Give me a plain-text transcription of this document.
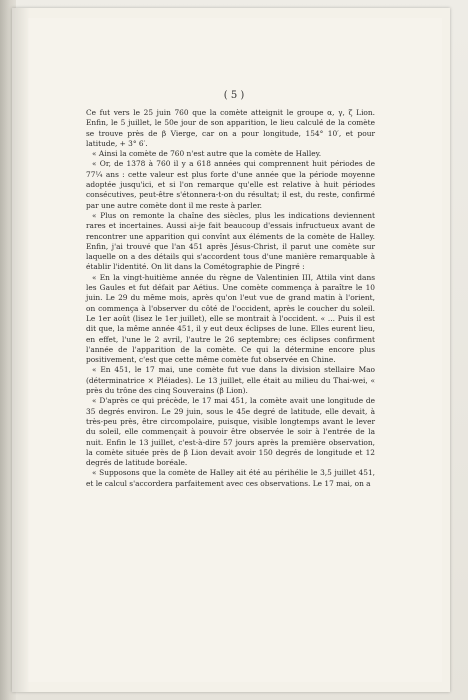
( 5 )

Ce fut vers le 25 juin 760 que la comète atteignit le groupe α, γ, ζ Lion. Enfin, le 5 juillet, le 50e jour de son apparition, le lieu calculé de la comète se trouve près de β Vierge, car on a pour longitude, 154° 10′, et pour latitude, + 3° 6′.

« Ainsi la comète de 760 n'est autre que la comète de Halley.

« Or, de 1378 à 760 il y a 618 années qui comprennent huit périodes de 77¼ ans : cette valeur est plus forte d'une année que la période moyenne adoptée jusqu'ici, et si l'on remarque qu'elle est relative à huit périodes consécutives, peut-être s'étonnera-t-on du résultat; il est, du reste, confirmé par une autre comète dont il me reste à parler.

« Plus on remonte la chaîne des siècles, plus les indications deviennent rares et incertaines. Aussi ai-je fait beaucoup d'essais infructueux avant de rencontrer une apparition qui convînt aux éléments de la comète de Halley. Enfin, j'ai trouvé que l'an 451 après Jésus-Christ, il parut une comète sur laquelle on a des détails qui s'accordent tous d'une manière remarquable à établir l'identité. On lit dans la Cométographie de Pingré :

« En la vingt-huitième année du règne de Valentinien III, Attila vint dans les Gaules et fut défait par Aétius. Une comète commença à paraître le 10 juin. Le 29 du même mois, après qu'on l'eut vue de grand matin à l'orient, on commença à l'observer du côté de l'occident, après le coucher du soleil. Le 1er août (lisez le 1er juillet), elle se montrait à l'occident. « ... Puis il est dit que, la même année 451, il y eut deux éclipses de lune. Elles eurent lieu, en effet, l'une le 2 avril, l'autre le 26 septembre; ces éclipses confirment l'année de l'apparition de la comète. Ce qui la détermine encore plus positivement, c'est que cette même comète fut observée en Chine.

« En 451, le 17 mai, une comète fut vue dans la division stellaire Mao (déterminatrice × Pléiades). Le 13 juillet, elle était au milieu du Thai-wei, « près du trône des cinq Souverains (β Lion).

« D'après ce qui précède, le 17 mai 451, la comète avait une longitude de 35 degrés environ. Le 29 juin, sous le 45e degré de latitude, elle devait, à très-peu près, être circompolaire, puisque, visible longtemps avant le lever du soleil, elle commençait à pouvoir être observée le soir à l'entrée de la nuit. Enfin le 13 juillet, c'est-à-dire 57 jours après la première observation, la comète située près de β Lion devait avoir 150 degrés de longitude et 12 degrés de latitude boréale.

« Supposons que la comète de Halley ait été au périhélie le 3,5 juillet 451, et le calcul s'accordera parfaitement avec ces observations. Le 17 mai, on a
